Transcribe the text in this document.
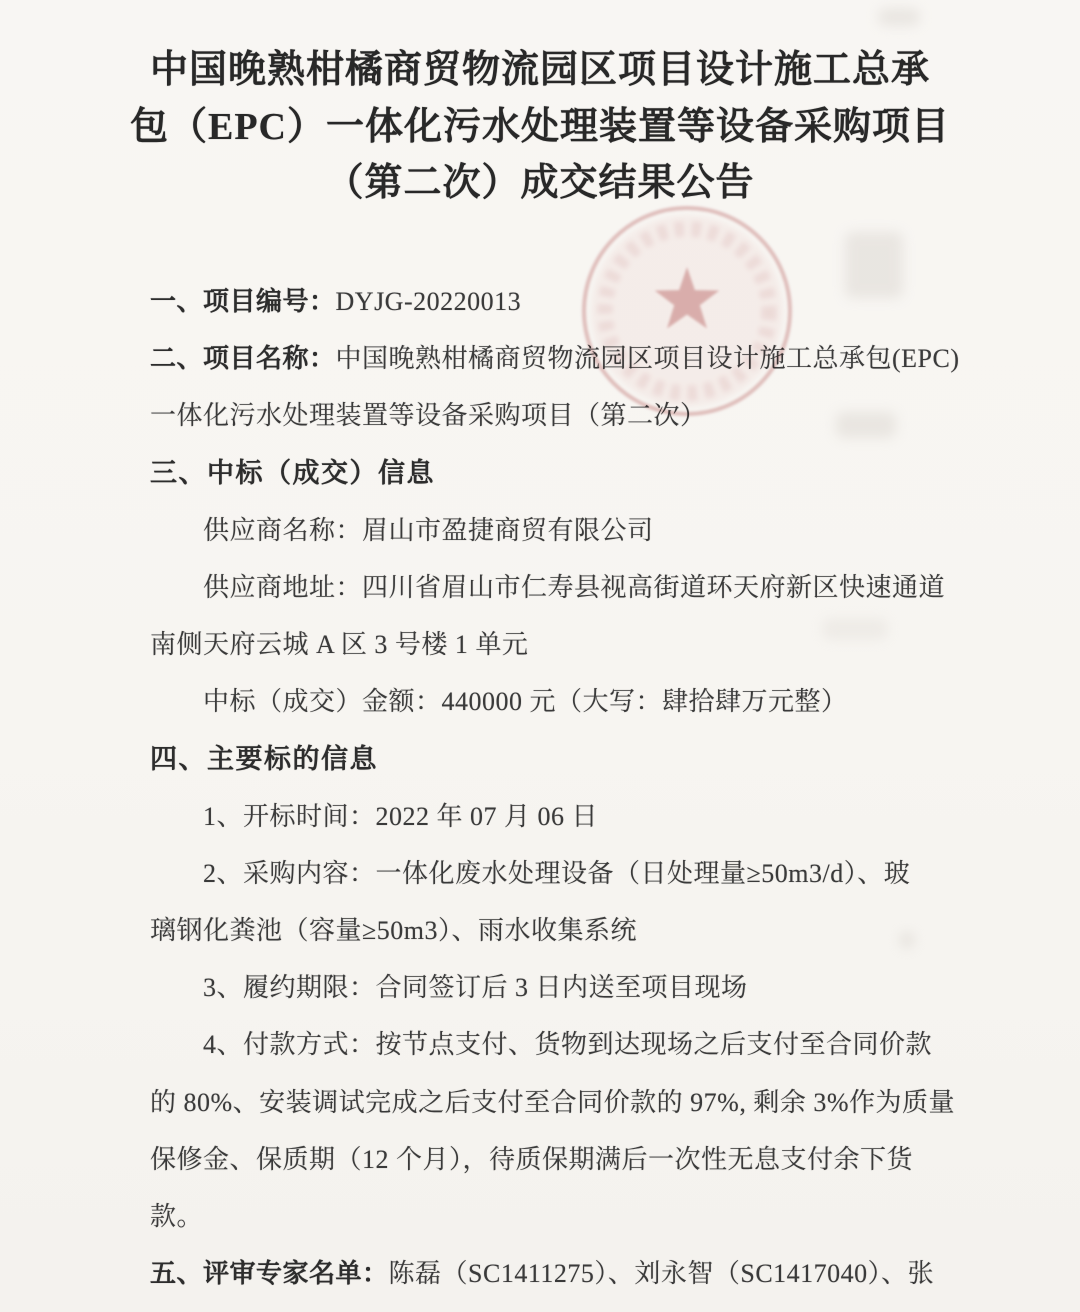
中国晚熟柑橘商贸物流园区项目设计施工总承
包（EPC）一体化污水处理装置等设备采购项目
（第二次）成交结果公告
一、项目编号：DYJG-20220013
二、项目名称：中国晚熟柑橘商贸物流园区项目设计施工总承包(EPC)
一体化污水处理装置等设备采购项目（第二次）
三、中标（成交）信息
供应商名称：眉山市盈捷商贸有限公司
供应商地址：四川省眉山市仁寿县视高街道环天府新区快速通道
南侧天府云城 A 区 3 号楼 1 单元
中标（成交）金额：440000 元（大写：肆拾肆万元整）
四、主要标的信息
1、开标时间：2022 年 07 月 06 日
2、采购内容：一体化废水处理设备（日处理量≥50m3/d）、玻
璃钢化粪池（容量≥50m3）、雨水收集系统
3、履约期限：合同签订后 3 日内送至项目现场
4、付款方式：按节点支付、货物到达现场之后支付至合同价款
的 80%、安装调试完成之后支付至合同价款的 97%, 剩余 3%作为质量
保修金、保质期（12 个月），待质保期满后一次性无息支付余下货
款。
五、评审专家名单：陈磊（SC1411275）、刘永智（SC1417040）、张
